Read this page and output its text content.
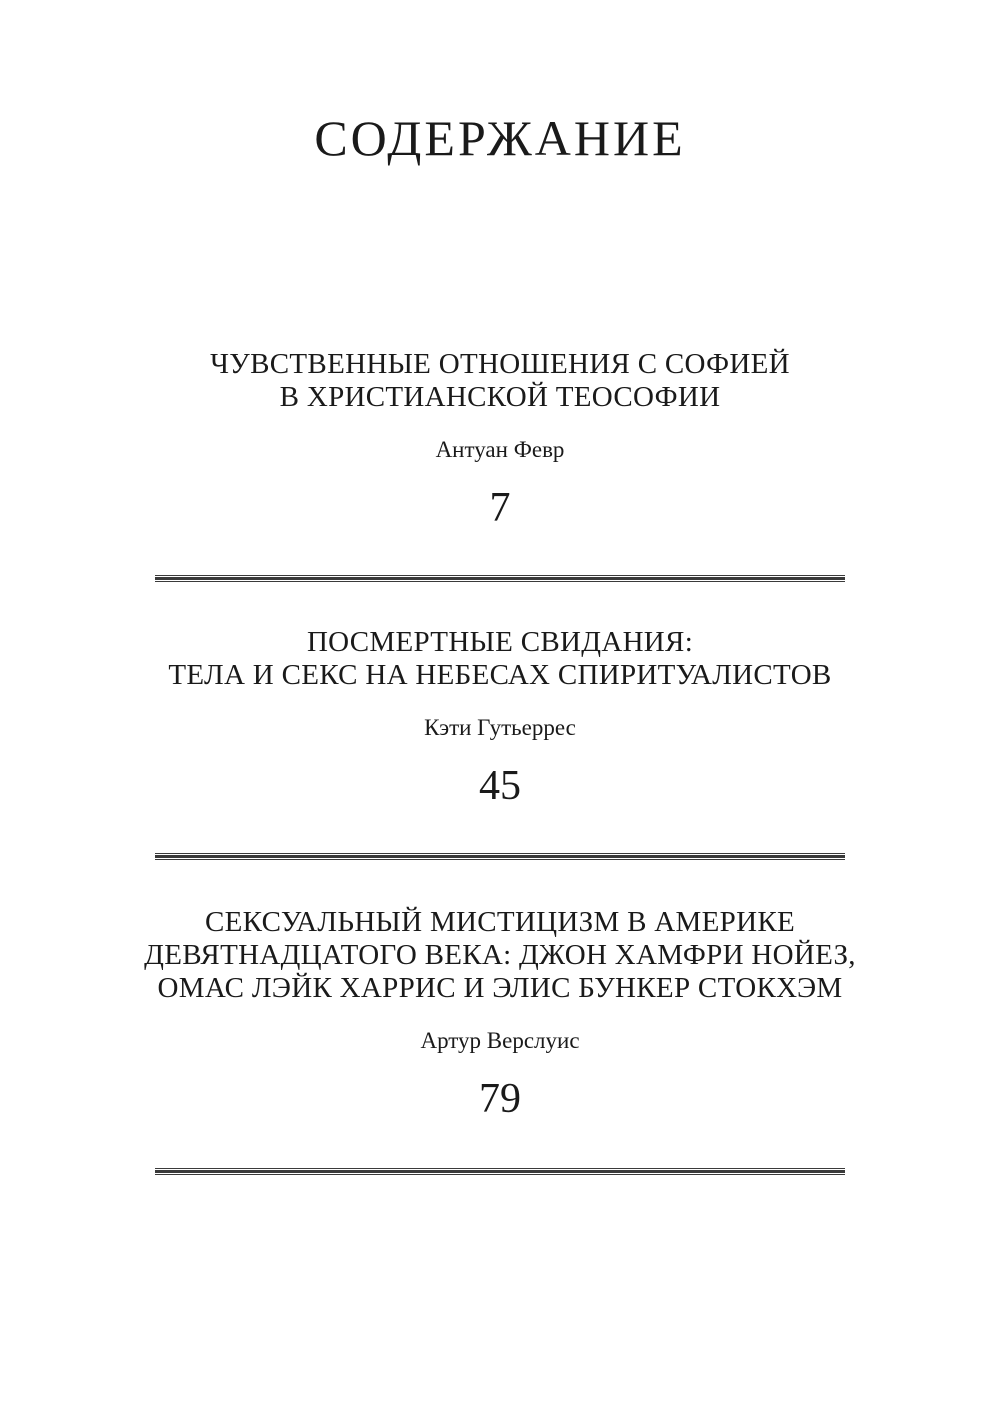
СОДЕРЖАНИЕ
ЧУВСТВЕННЫЕ ОТНОШЕНИЯ С СОФИЕЙ
В ХРИСТИАНСКОЙ ТЕОСОФИИ
Антуан Февр
7
ПОСМЕРТНЫЕ СВИДАНИЯ:
ТЕЛА И СЕКС НА НЕБЕСАХ СПИРИТУАЛИСТОВ
Кэти Гутьеррес
45
СЕКСУАЛЬНЫЙ МИСТИЦИЗМ В АМЕРИКЕ
ДЕВЯТНАДЦАТОГО ВЕКА: ДЖОН ХАМФРИ НОЙЕЗ,
ОМАС ЛЭЙК ХАРРИС И ЭЛИС БУНКЕР СТОКХЭМ
Артур Верслуис
79
